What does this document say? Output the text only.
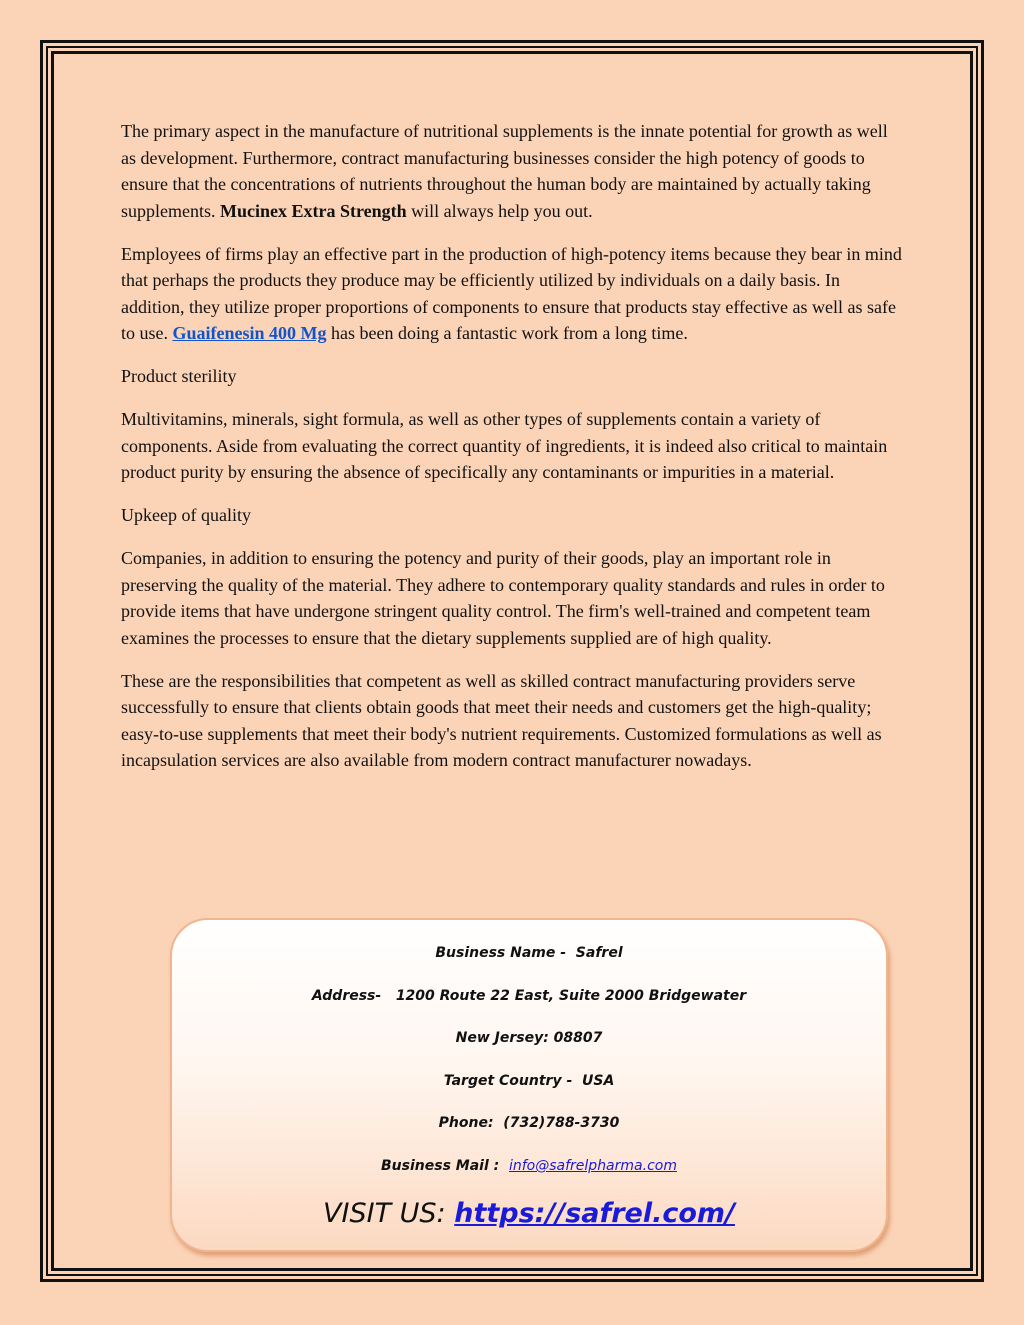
The primary aspect in the manufacture of nutritional supplements is the innate potential for growth as well as development. Furthermore, contract manufacturing businesses consider the high potency of goods to ensure that the concentrations of nutrients throughout the human body are maintained by actually taking supplements. Mucinex Extra Strength will always help you out.

Employees of firms play an effective part in the production of high-potency items because they bear in mind that perhaps the products they produce may be efficiently utilized by individuals on a daily basis. In addition, they utilize proper proportions of components to ensure that products stay effective as well as safe to use. Guaifenesin 400 Mg has been doing a fantastic work from a long time.

Product sterility

Multivitamins, minerals, sight formula, as well as other types of supplements contain a variety of components. Aside from evaluating the correct quantity of ingredients, it is indeed also critical to maintain product purity by ensuring the absence of specifically any contaminants or impurities in a material.

Upkeep of quality

Companies, in addition to ensuring the potency and purity of their goods, play an important role in preserving the quality of the material. They adhere to contemporary quality standards and rules in order to provide items that have undergone stringent quality control. The firm's well-trained and competent team examines the processes to ensure that the dietary supplements supplied are of high quality.

These are the responsibilities that competent as well as skilled contract manufacturing providers serve successfully to ensure that clients obtain goods that meet their needs and customers get the high-quality; easy-to-use supplements that meet their body's nutrient requirements. Customized formulations as well as incapsulation services are also available from modern contract manufacturer nowadays.

Business Name -  Safrel
Address-   1200 Route 22 East, Suite 2000 Bridgewater
New Jersey: 08807
Target Country -  USA
Phone:  (732)788-3730
Business Mail :  info@safrelpharma.com
VISIT US: https://safrel.com/
